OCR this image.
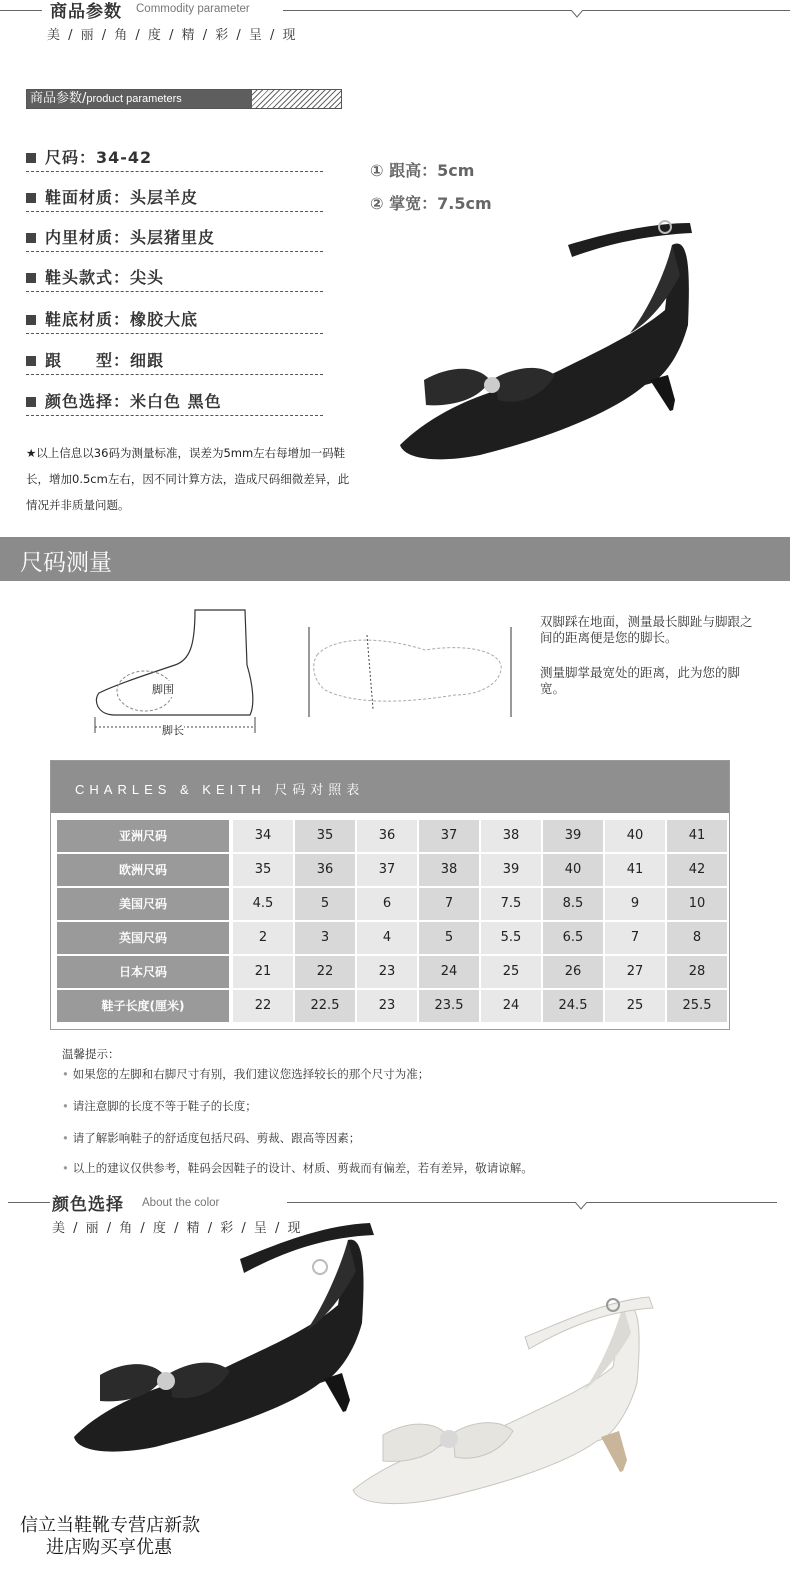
商品参数 Commodity parameter
美 / 丽 / 角 / 度 / 精 / 彩 / 呈 / 现
商品参数/product parameters
尺码：34-42
鞋面材质：头层羊皮
内里材质：头层猪里皮
鞋头款式：尖头
鞋底材质：橡胶大底
跟　　型：细跟
颜色选择：米白色 黑色
① 跟高：5cm
② 掌宽：7.5cm
★以上信息以36码为测量标准，误差为5mm左右每增加一码鞋长，增加0.5cm左右，因不同计算方法，造成尺码细微差异，此情况并非质量问题。
尺码测量
脚围
脚长
双脚踩在地面，测量最长脚趾与脚跟之间的距离便是您的脚长。
测量脚掌最宽处的距离，此为您的脚宽。
CHARLES & KEITH 尺码对照表
亚洲尺码	34	35	36	37	38	39	40	41
欧洲尺码	35	36	37	38	39	40	41	42
美国尺码	4.5	5	6	7	7.5	8.5	9	10
英国尺码	2	3	4	5	5.5	6.5	7	8
日本尺码	21	22	23	24	25	26	27	28
鞋子长度(厘米)	22	22.5	23	23.5	24	24.5	25	25.5
温馨提示：
• 如果您的左脚和右脚尺寸有别，我们建议您选择较长的那个尺寸为准；
• 请注意脚的长度不等于鞋子的长度；
• 请了解影响鞋子的舒适度包括尺码、剪裁、跟高等因素；
• 以上的建议仅供参考，鞋码会因鞋子的设计、材质、剪裁而有偏差，若有差异，敬请谅解。
颜色选择 About the color
美 / 丽 / 角 / 度 / 精 / 彩 / 呈 / 现
信立当鞋靴专营店新款
进店购买享优惠
